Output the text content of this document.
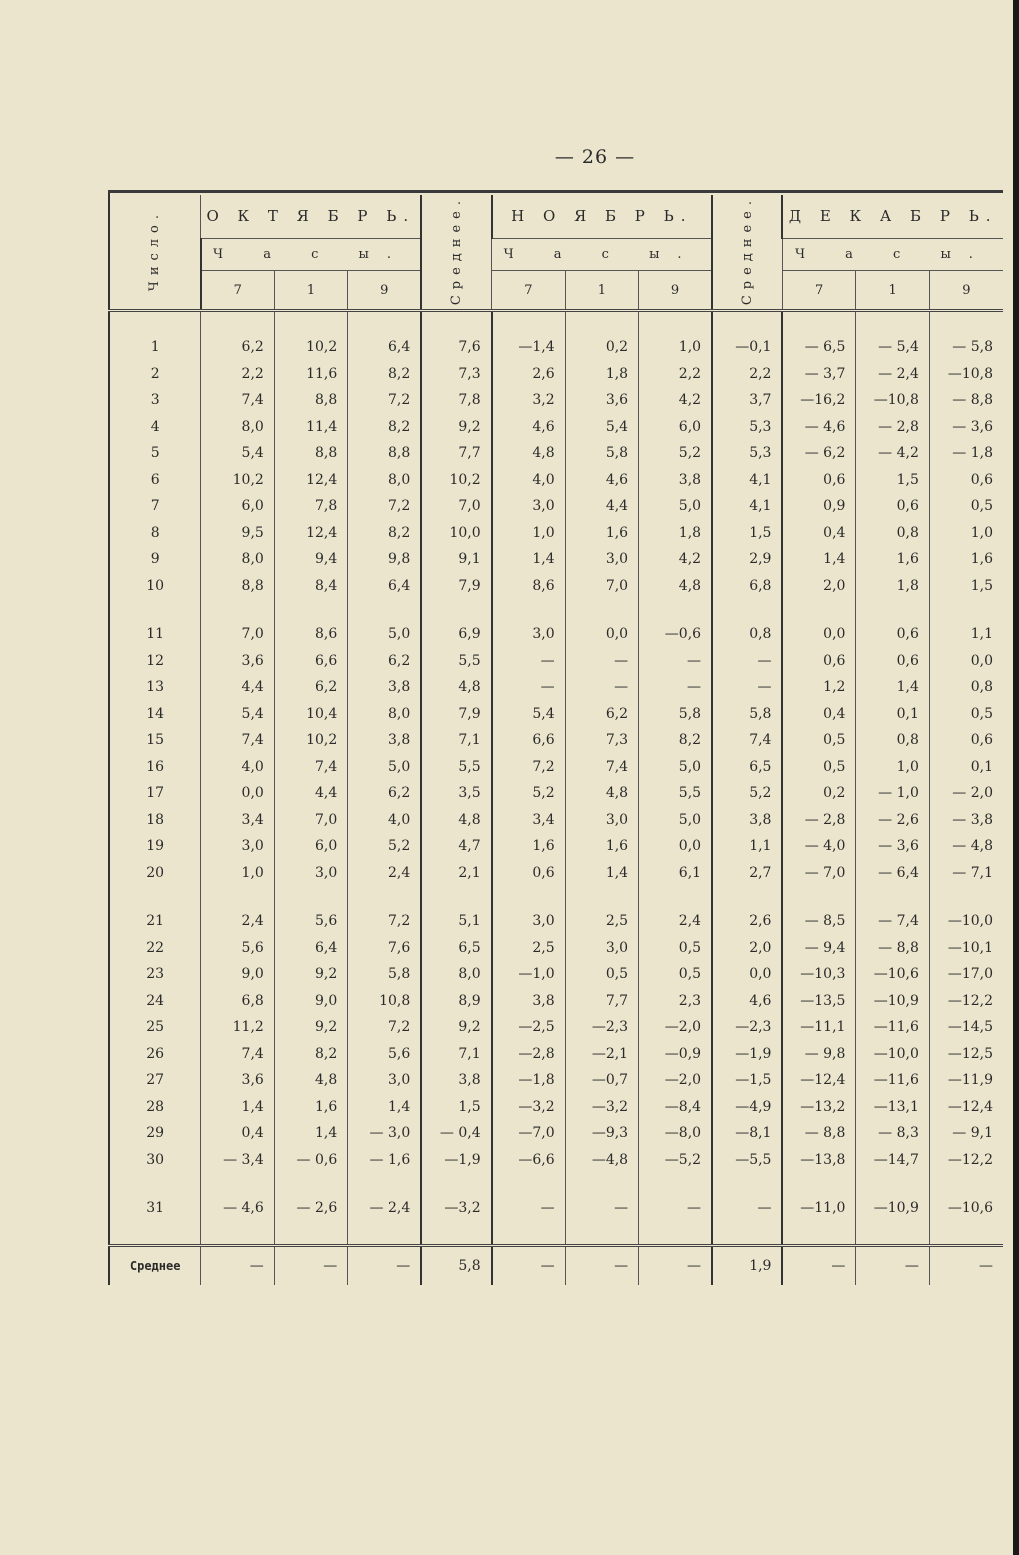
— 26 —

Число.	О К Т Я Б Р Ь.			Среднее.	Н О Я Б Р Ь.			Среднее.	Д Е К А Б Р Ь.		
	Ч а с ы.				Ч а с ы.				Ч а с ы.		
	7	1	9		7	1	9		7	1	9

1	6,2	10,2	6,4	7,6	—1,4	0,2	1,0	—0,1	— 6,5	— 5,4	— 5,8
2	2,2	11,6	8,2	7,3	2,6	1,8	2,2	2,2	— 3,7	— 2,4	—10,8
3	7,4	8,8	7,2	7,8	3,2	3,6	4,2	3,7	—16,2	—10,8	— 8,8
4	8,0	11,4	8,2	9,2	4,6	5,4	6,0	5,3	— 4,6	— 2,8	— 3,6
5	5,4	8,8	8,8	7,7	4,8	5,8	5,2	5,3	— 6,2	— 4,2	— 1,8
6	10,2	12,4	8,0	10,2	4,0	4,6	3,8	4,1	0,6	1,5	0,6
7	6,0	7,8	7,2	7,0	3,0	4,4	5,0	4,1	0,9	0,6	0,5
8	9,5	12,4	8,2	10,0	1,0	1,6	1,8	1,5	0,4	0,8	1,0
9	8,0	9,4	9,8	9,1	1,4	3,0	4,2	2,9	1,4	1,6	1,6
10	8,8	8,4	6,4	7,9	8,6	7,0	4,8	6,8	2,0	1,8	1,5

11	7,0	8,6	5,0	6,9	3,0	0,0	—0,6	0,8	0,0	0,6	1,1
12	3,6	6,6	6,2	5,5	—	—	—	—	0,6	0,6	0,0
13	4,4	6,2	3,8	4,8	—	—	—	—	1,2	1,4	0,8
14	5,4	10,4	8,0	7,9	5,4	6,2	5,8	5,8	0,4	0,1	0,5
15	7,4	10,2	3,8	7,1	6,6	7,3	8,2	7,4	0,5	0,8	0,6
16	4,0	7,4	5,0	5,5	7,2	7,4	5,0	6,5	0,5	1,0	0,1
17	0,0	4,4	6,2	3,5	5,2	4,8	5,5	5,2	0,2	— 1,0	— 2,0
18	3,4	7,0	4,0	4,8	3,4	3,0	5,0	3,8	— 2,8	— 2,6	— 3,8
19	3,0	6,0	5,2	4,7	1,6	1,6	0,0	1,1	— 4,0	— 3,6	— 4,8
20	1,0	3,0	2,4	2,1	0,6	1,4	6,1	2,7	— 7,0	— 6,4	— 7,1

21	2,4	5,6	7,2	5,1	3,0	2,5	2,4	2,6	— 8,5	— 7,4	—10,0
22	5,6	6,4	7,6	6,5	2,5	3,0	0,5	2,0	— 9,4	— 8,8	—10,1
23	9,0	9,2	5,8	8,0	—1,0	0,5	0,5	0,0	—10,3	—10,6	—17,0
24	6,8	9,0	10,8	8,9	3,8	7,7	2,3	4,6	—13,5	—10,9	—12,2
25	11,2	9,2	7,2	9,2	—2,5	—2,3	—2,0	—2,3	—11,1	—11,6	—14,5
26	7,4	8,2	5,6	7,1	—2,8	—2,1	—0,9	—1,9	— 9,8	—10,0	—12,5
27	3,6	4,8	3,0	3,8	—1,8	—0,7	—2,0	—1,5	—12,4	—11,6	—11,9
28	1,4	1,6	1,4	1,5	—3,2	—3,2	—8,4	—4,9	—13,2	—13,1	—12,4
29	0,4	1,4	— 3,0	— 0,4	—7,0	—9,3	—8,0	—8,1	— 8,8	— 8,3	— 9,1
30	— 3,4	— 0,6	— 1,6	—1,9	—6,6	—4,8	—5,2	—5,5	—13,8	—14,7	—12,2

31	— 4,6	— 2,6	— 2,4	—3,2	—	—	—	—	—11,0	—10,9	—10,6

Среднее	—	—	—	5,8	—	—	—	1,9	—	—	—
